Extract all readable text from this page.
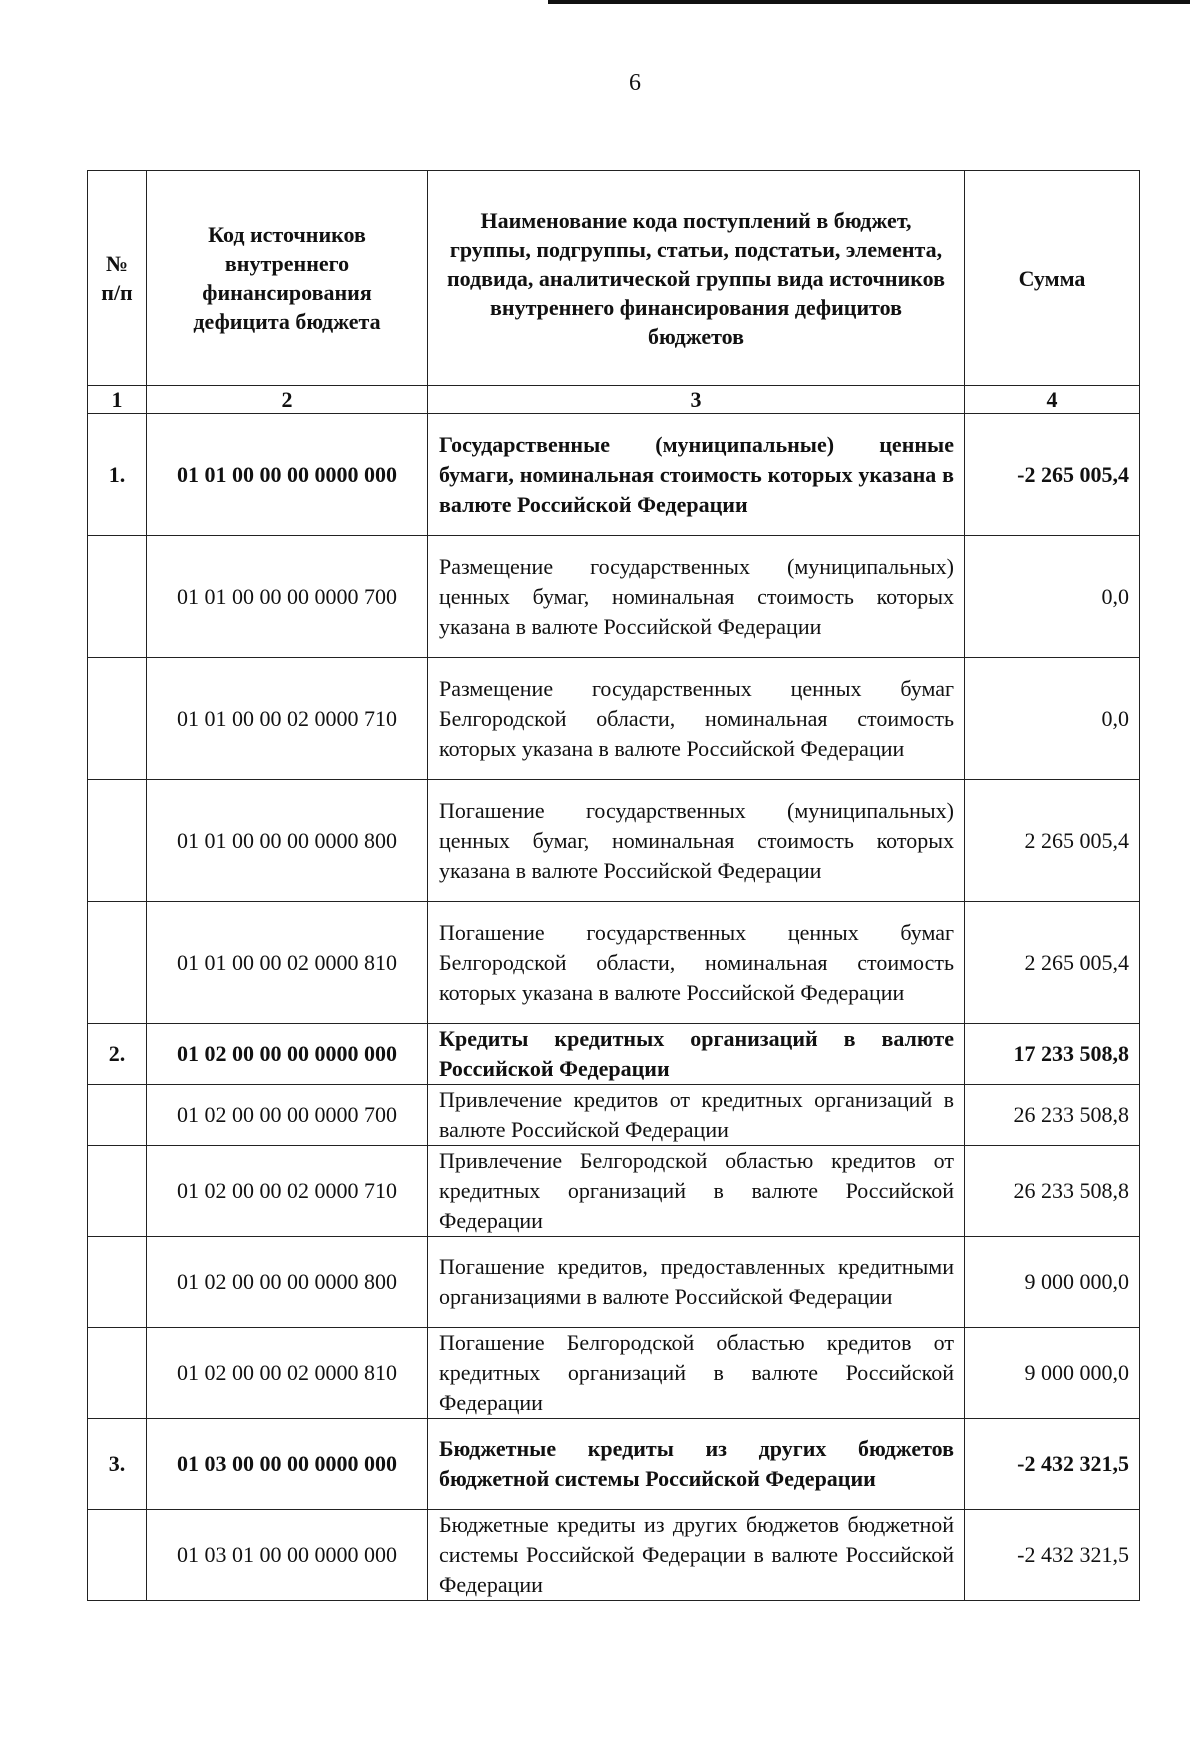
6
№ п/п	Код источников внутреннего финансирования дефицита бюджета	Наименование кода поступлений в бюджет, группы, подгруппы, статьи, подстатьи, элемента, подвида, аналитической группы вида источников внутреннего финансирования дефицитов бюджетов	Сумма
1	2	3	4
1.	01 01 00 00 00 0000 000	Государственные (муниципальные) ценные бумаги, номинальная стоимость которых указана в валюте Российской Федерации	-2 265 005,4
	01 01 00 00 00 0000 700	Размещение государственных (муниципальных) ценных бумаг, номинальная стоимость которых указана в валюте Российской Федерации	0,0
	01 01 00 00 02 0000 710	Размещение государственных ценных бумаг Белгородской области, номинальная стоимость которых указана в валюте Российской Федерации	0,0
	01 01 00 00 00 0000 800	Погашение государственных (муниципальных) ценных бумаг, номинальная стоимость которых указана в валюте Российской Федерации	2 265 005,4
	01 01 00 00 02 0000 810	Погашение государственных ценных бумаг Белгородской области, номинальная стоимость которых указана в валюте Российской Федерации	2 265 005,4
2.	01 02 00 00 00 0000 000	Кредиты кредитных организаций в валюте Российской Федерации	17 233 508,8
	01 02 00 00 00 0000 700	Привлечение кредитов от кредитных организаций в валюте Российской Федерации	26 233 508,8
	01 02 00 00 02 0000 710	Привлечение Белгородской областью кредитов от кредитных организаций в валюте Российской Федерации	26 233 508,8
	01 02 00 00 00 0000 800	Погашение кредитов, предоставленных кредитными организациями в валюте Российской Федерации	9 000 000,0
	01 02 00 00 02 0000 810	Погашение Белгородской областью кредитов от кредитных организаций в валюте Российской Федерации	9 000 000,0
3.	01 03 00 00 00 0000 000	Бюджетные кредиты из других бюджетов бюджетной системы Российской Федерации	-2 432 321,5
	01 03 01 00 00 0000 000	Бюджетные кредиты из других бюджетов бюджетной системы Российской Федерации в валюте Российской Федерации	-2 432 321,5
